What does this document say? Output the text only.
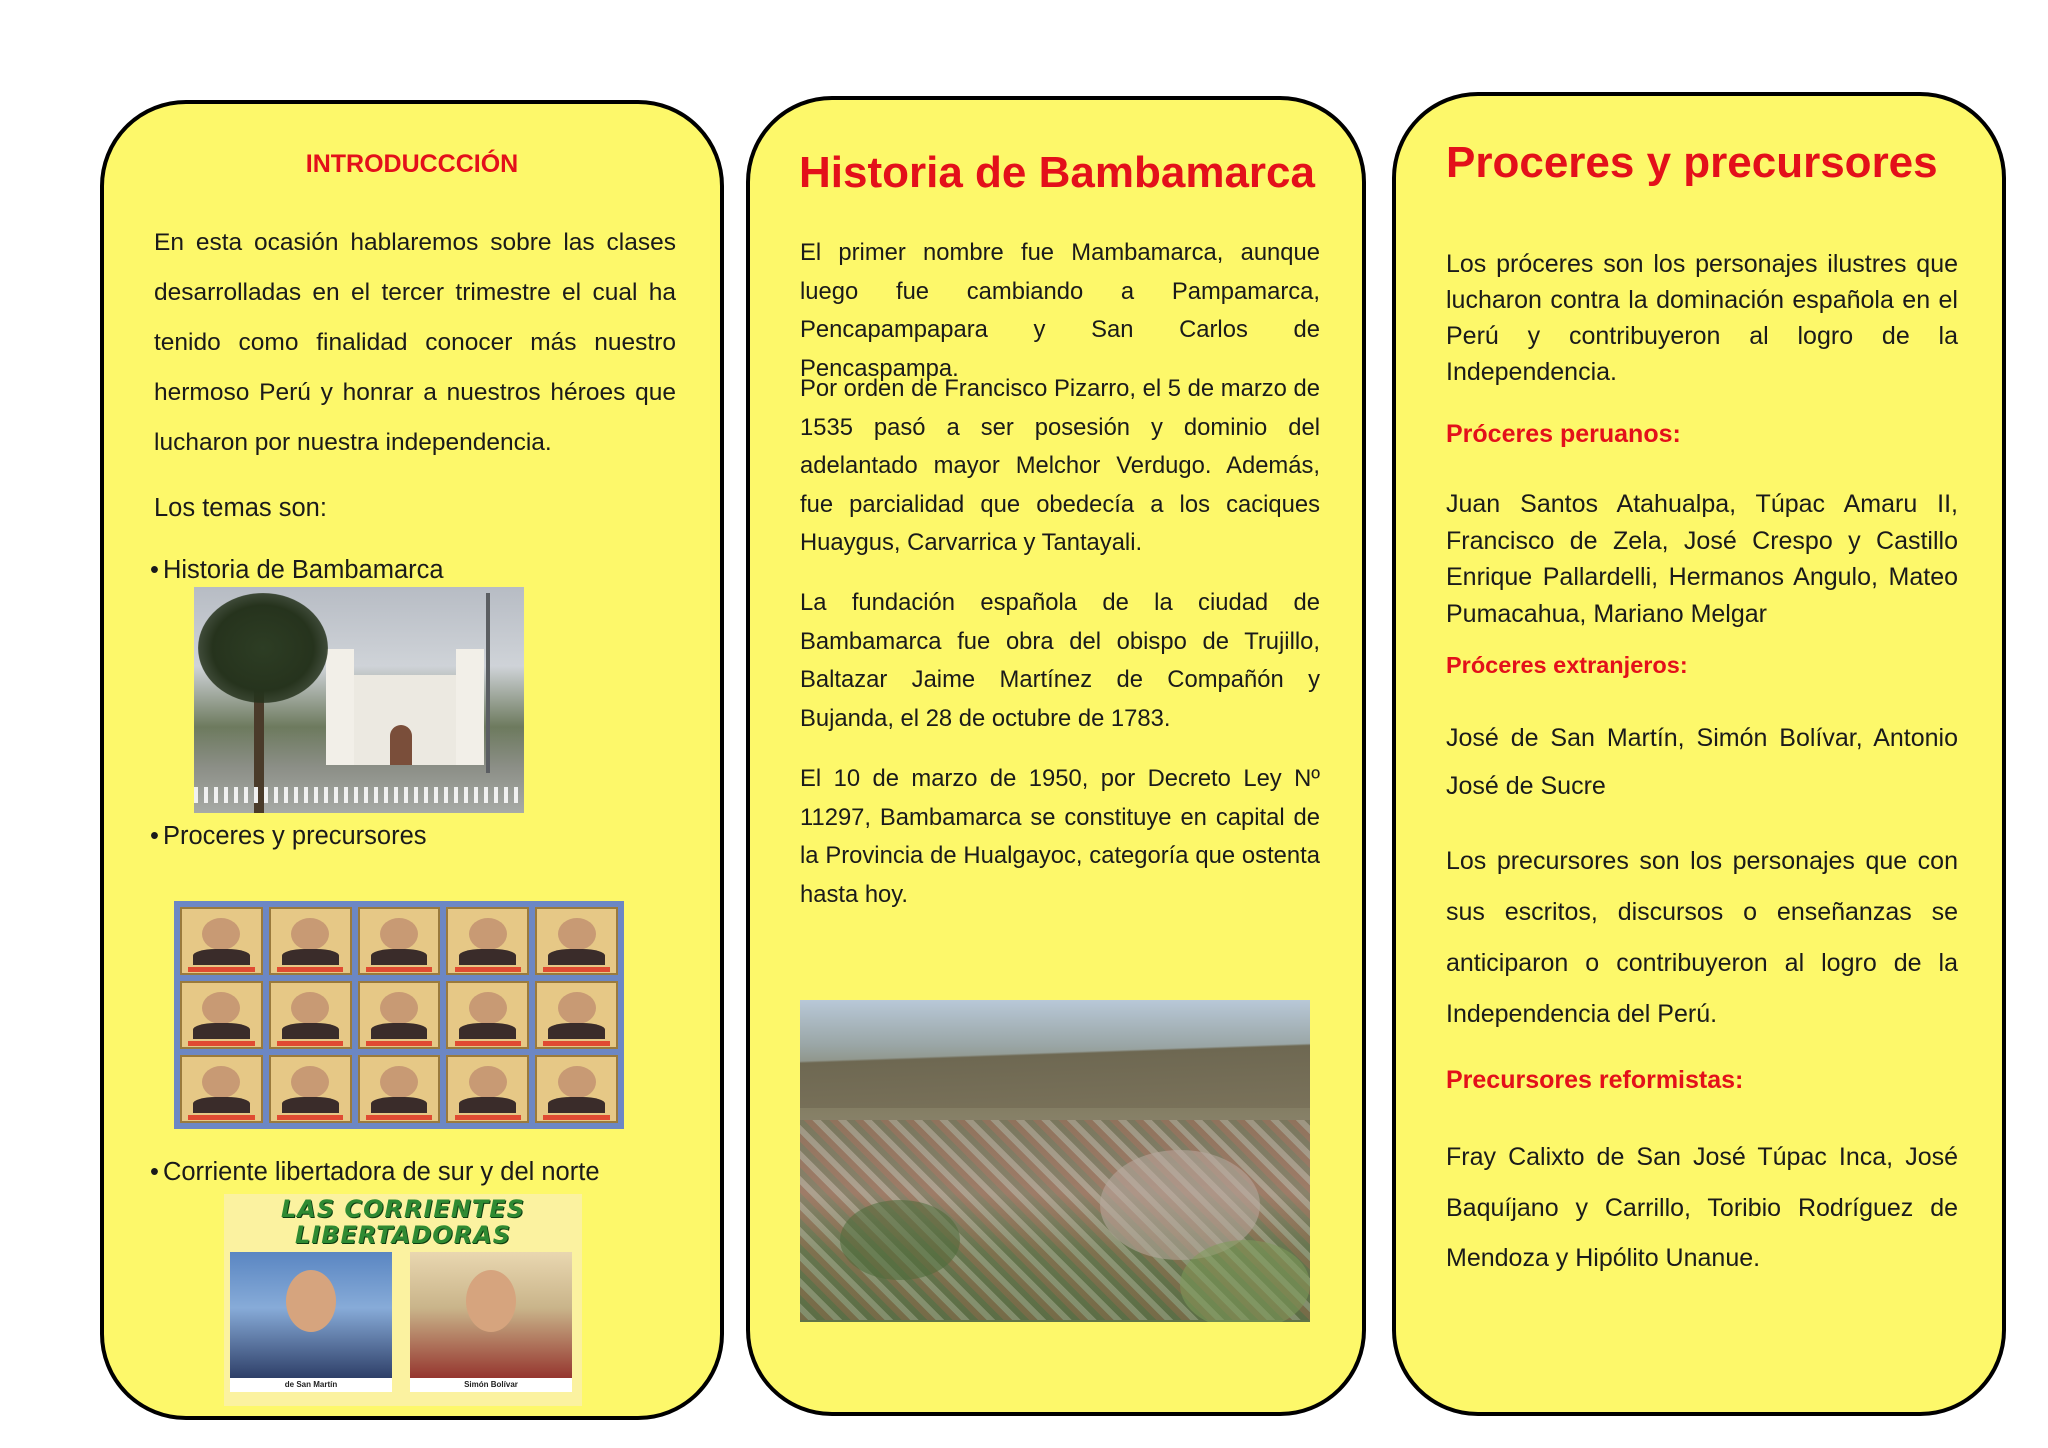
INTRODUCCCIÓN
En esta ocasión hablaremos sobre las clases desarrolladas en el tercer trimestre el cual ha tenido como finalidad conocer más nuestro hermoso Perú y honrar a nuestros héroes que lucharon por nuestra independencia.
Los temas son:
• Historia de Bambamarca
• Proceres y precursores
• Corriente libertadora de sur y del norte
LAS CORRIENTES
LIBERTADORAS
de San Martín	Simón Bolívar
Historia de Bambamarca
El primer nombre fue Mambamarca, aunque luego fue cambiando a Pampamarca, Pencapampapara y San Carlos de Pencaspampa.
Por orden de Francisco Pizarro, el 5 de marzo de 1535 pasó a ser posesión y dominio del adelantado mayor Melchor Verdugo. Además, fue parcialidad que obedecía a los caciques Huaygus, Carvarrica y Tantayali.
La fundación española de la ciudad de Bambamarca fue obra del obispo de Trujillo, Baltazar Jaime Martínez de Compañón y Bujanda, el 28 de octubre de 1783.
El 10 de marzo de 1950, por Decreto Ley Nº 11297, Bambamarca se constituye en capital de la Provincia de Hualgayoc, categoría que ostenta hasta hoy.
Proceres y precursores
Los próceres son los personajes ilustres que lucharon contra la dominación española en el Perú y contribuyeron al logro de la Independencia.
Próceres peruanos:
Juan Santos Atahualpa, Túpac Amaru II, Francisco de Zela, José Crespo y Castillo Enrique Pallardelli, Hermanos Angulo, Mateo Pumacahua, Mariano Melgar
Próceres extranjeros:
José de San Martín, Simón Bolívar, Antonio José de Sucre
Los precursores son los personajes que con sus escritos, discursos o enseñanzas se anticiparon o contribuyeron al logro de la Independencia del Perú.
Precursores reformistas:
Fray Calixto de San José Túpac Inca, José Baquíjano y Carrillo, Toribio Rodríguez de Mendoza y Hipólito Unanue.
